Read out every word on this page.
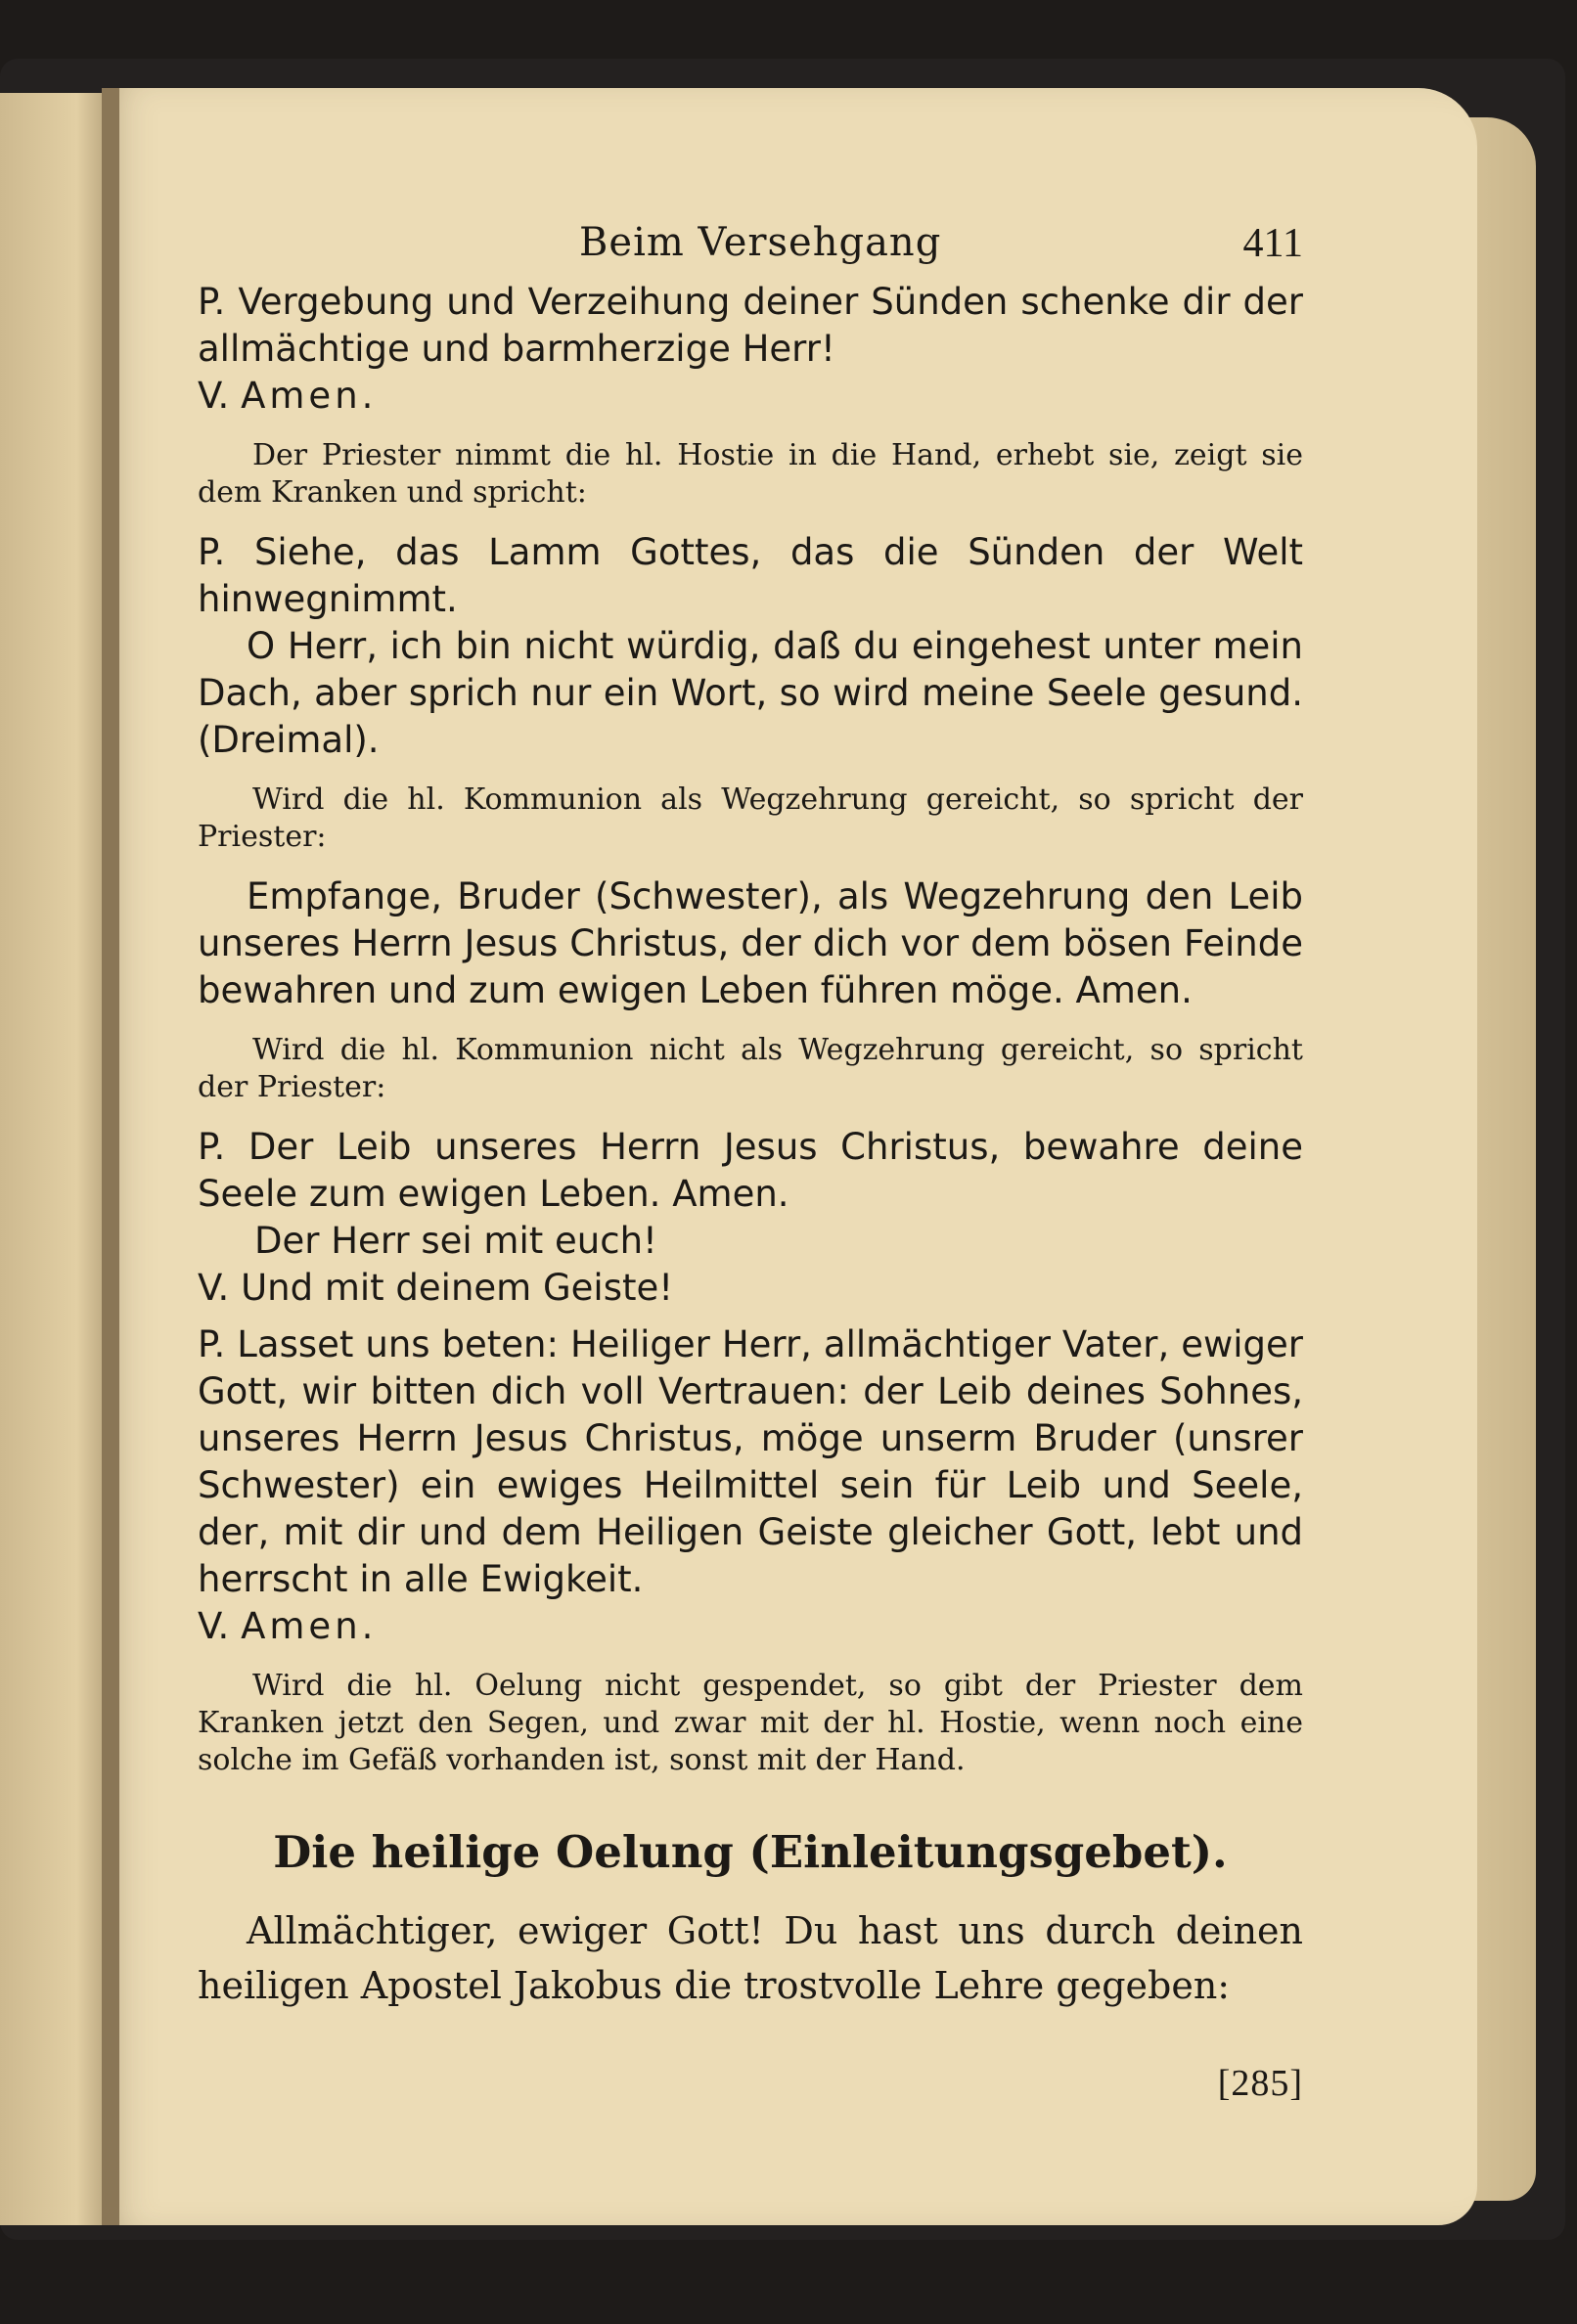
Beim Versehgang	411

P. Vergebung und Verzeihung deiner Sünden schenke dir der allmächtige und barmherzige Herr!

V. Amen.

Der Priester nimmt die hl. Hostie in die Hand, erhebt sie, zeigt sie dem Kranken und spricht:

P. Siehe, das Lamm Gottes, das die Sünden der Welt hinwegnimmt.

O Herr, ich bin nicht würdig, daß du eingehest unter mein Dach, aber sprich nur ein Wort, so wird meine Seele gesund. (Dreimal).

Wird die hl. Kommunion als Wegzehrung gereicht, so spricht der Priester:

Empfange, Bruder (Schwester), als Wegzehrung den Leib unseres Herrn Jesus Christus, der dich vor dem bösen Feinde bewahren und zum ewigen Leben führen möge. Amen.

Wird die hl. Kommunion nicht als Wegzehrung gereicht, so spricht der Priester:

P. Der Leib unseres Herrn Jesus Christus, bewahre deine Seele zum ewigen Leben. Amen.

Der Herr sei mit euch!

V. Und mit deinem Geiste!

P. Lasset uns beten: Heiliger Herr, allmächtiger Vater, ewiger Gott, wir bitten dich voll Vertrauen: der Leib deines Sohnes, unseres Herrn Jesus Christus, möge unserm Bruder (unsrer Schwester) ein ewiges Heilmittel sein für Leib und Seele, der, mit dir und dem Heiligen Geiste gleicher Gott, lebt und herrscht in alle Ewigkeit.

V. Amen.

Wird die hl. Oelung nicht gespendet, so gibt der Priester dem Kranken jetzt den Segen, und zwar mit der hl. Hostie, wenn noch eine solche im Gefäß vorhanden ist, sonst mit der Hand.

Die heilige Oelung (Einleitungsgebet).

Allmächtiger, ewiger Gott! Du hast uns durch deinen heiligen Apostel Jakobus die trostvolle Lehre gegeben:

[285]
